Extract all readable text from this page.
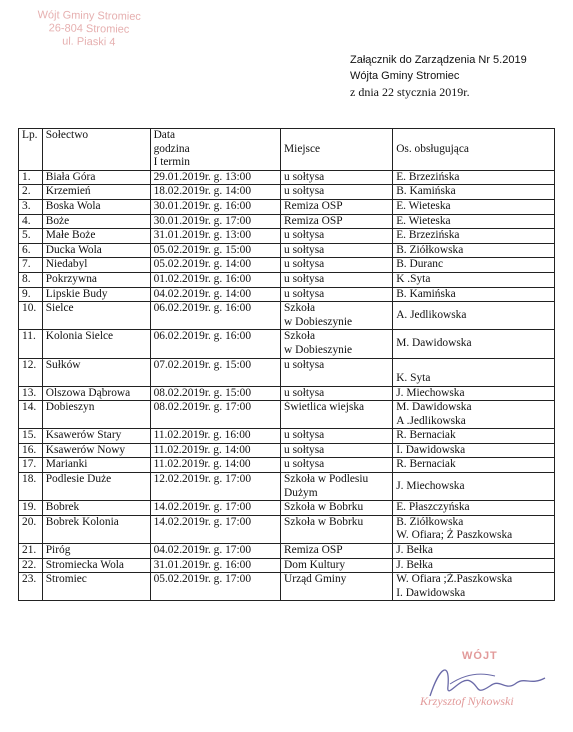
Wójt Gminy Stromiec
26-804 Stromiec
ul. Piaski 4
Załącznik do Zarządzenia Nr 5.2019
Wójta Gminy Stromiec
z dnia 22 stycznia 2019r.
Lp.	Sołectwo	Data
godzina
I termin	Miejsce	Os. obsługująca

1.	Biała Góra	29.01.2019r. g. 13:00	u sołtysa	E. Brzezińska

2.	Krzemień	18.02.2019r. g. 14:00	u sołtysa	B. Kamińska

3.	Boska Wola	30.01.2019r. g. 16:00	Remiza OSP	E. Wieteska

4.	Boże	30.01.2019r. g. 17:00	Remiza OSP	E. Wieteska

5.	Małe Boże	31.01.2019r. g. 13:00	u sołtysa	E. Brzezińska

6.	Ducka Wola	05.02.2019r. g. 15:00	u sołtysa	B. Ziółkowska

7.	Niedabyl	05.02.2019r. g. 14:00	u sołtysa	B. Duranc

8.	Pokrzywna	01.02.2019r. g. 16:00	u sołtysa	K .Syta

9.	Lipskie Budy	04.02.2019r. g. 14:00	u sołtysa	B. Kamińska

10.	Sielce	06.02.2019r. g. 16:00	Szkoła
w Dobieszynie	A. Jedlikowska

11.	Kolonia Sielce	06.02.2019r. g. 16:00	Szkoła
w Dobieszynie	M. Dawidowska

12.	Sułków	07.02.2019r. g. 15:00	u sołtysa	K. Syta

13.	Olszowa Dąbrowa	08.02.2019r. g. 15:00	u sołtysa	J. Miechowska

14.	Dobieszyn	08.02.2019r. g. 17:00	Świetlica wiejska	M. Dawidowska
A .Jedlikowska

15.	Ksawerów Stary	11.02.2019r. g. 16:00	u sołtysa	R. Bernaciak

16.	Ksawerów Nowy	11.02.2019r. g. 14:00	u sołtysa	I. Dawidowska

17.	Marianki	11.02.2019r. g. 14:00	u sołtysa	R. Bernaciak

18.	Podlesie Duże	12.02.2019r. g. 17:00	Szkoła w Podlesiu
Dużym	J. Miechowska

19.	Bobrek	14.02.2019r. g. 17:00	Szkoła w Bobrku	E. Płaszczyńska

20.	Bobrek Kolonia	14.02.2019r. g. 17:00	Szkoła w Bobrku	B. Ziółkowska
W. Ofiara; Ż Paszkowska

21.	Piróg	04.02.2019r. g. 17:00	Remiza OSP	J. Bełka

22.	Stromiecka Wola	31.01.2019r. g. 16:00	Dom Kultury	J. Bełka

23.	Stromiec	05.02.2019r. g. 17:00	Urząd Gminy	W. Ofiara ;Ż.Paszkowska
I. Dawidowska
WÓJT
Krzysztof Nykowski
